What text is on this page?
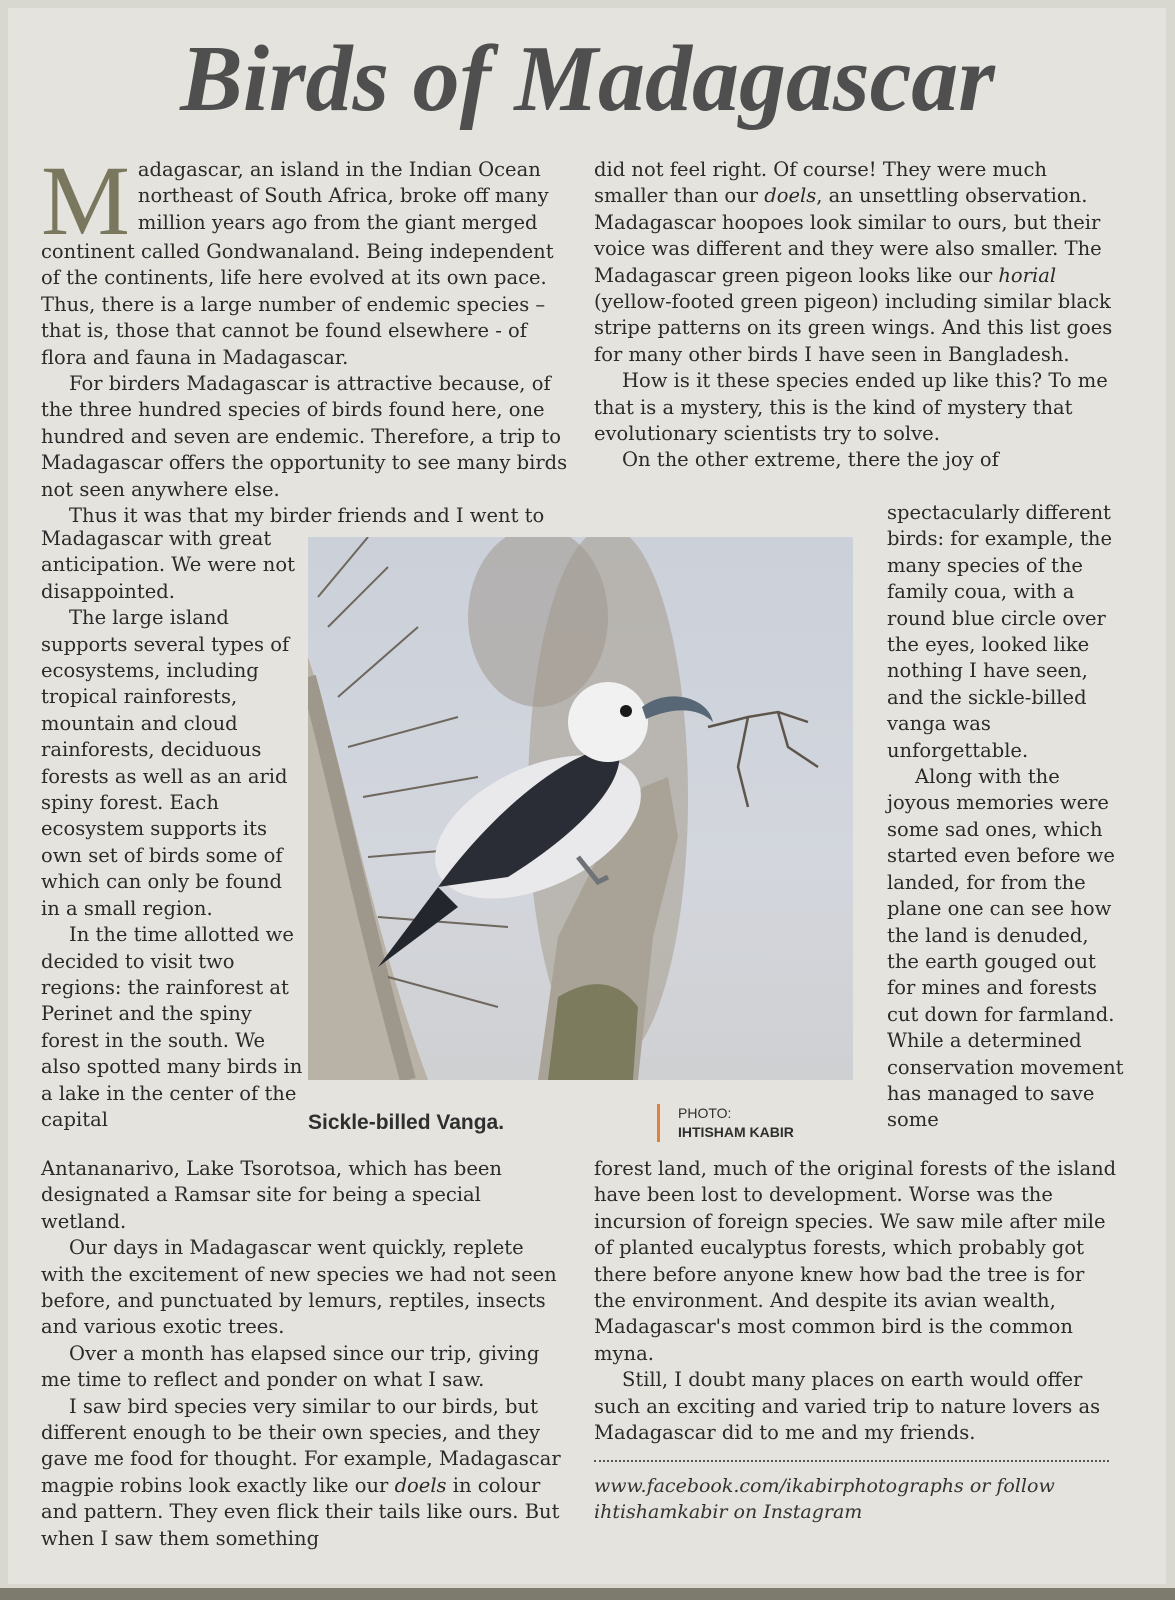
Birds of Madagascar
M adagascar, an island in the Indian Ocean
northeast of South Africa, broke off many
million years ago from the giant merged

continent called Gondwanaland. Being independent of the continents, life here evolved at its own pace. Thus, there is a large number of endemic species – that is, those that cannot be found elsewhere - of flora and fauna in Madagascar.

For birders Madagascar is attractive because, of the three hundred species of birds found here, one hundred and seven are endemic. Therefore, a trip to Madagascar offers the opportunity to see many birds not seen anywhere else.

Thus it was that my birder friends and I went to

Madagascar with great anticipation. We were not disappointed.

The large island supports several types of ecosystems, including tropical rainforests, mountain and cloud rainforests, deciduous forests as well as an arid spiny forest. Each ecosystem supports its own set of birds some of which can only be found in a small region.

In the time allotted we decided to visit two regions: the rainforest at Perinet and the spiny forest in the south. We also spotted many birds in a lake in the center of the capital

Antananarivo, Lake Tsorotsoa, which has been designated a Ramsar site for being a special wetland.

Our days in Madagascar went quickly, replete with the excitement of new species we had not seen before, and punctuated by lemurs, reptiles, insects and various exotic trees.

Over a month has elapsed since our trip, giving me time to reflect and ponder on what I saw.

I saw bird species very similar to our birds, but different enough to be their own species, and they gave me food for thought. For example, Madagascar magpie robins look exactly like our doels in colour and pattern. They even flick their tails like ours. But when I saw them something

did not feel right. Of course! They were much smaller than our doels, an unsettling observation. Madagascar hoopoes look similar to ours, but their voice was different and they were also smaller. The Madagascar green pigeon looks like our horial (yellow-footed green pigeon) including similar black stripe patterns on its green wings. And this list goes for many other birds I have seen in Bangladesh.

How is it these species ended up like this? To me that is a mystery, this is the kind of mystery that evolutionary scientists try to solve.

On the other extreme, there the joy of

spectacularly different birds: for example, the many species of the family coua, with a round blue circle over the eyes, looked like nothing I have seen, and the sickle-billed vanga was unforgettable.

Along with the joyous memories were some sad ones, which started even before we landed, for from the plane one can see how the land is denuded, the earth gouged out for mines and forests cut down for farmland. While a determined conservation movement has managed to save some

forest land, much of the original forests of the island have been lost to development. Worse was the incursion of foreign species. We saw mile after mile of planted eucalyptus forests, which probably got there before anyone knew how bad the tree is for the environment. And despite its avian wealth, Madagascar's most common bird is the common myna.

Still, I doubt many places on earth would offer such an exciting and varied trip to nature lovers as Madagascar did to me and my friends.

Sickle-billed Vanga.	PHOTO:
IHTISHAM KABIR
www.facebook.com/ikabirphotographs or follow
ihtishamkabir on Instagram
